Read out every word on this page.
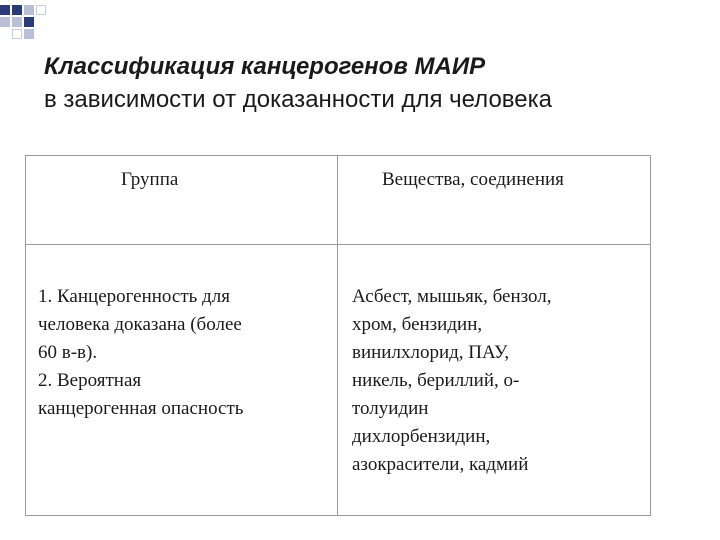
Классификация канцерогенов МАИР
в зависимости от доказанности для человека
Группа	Вещества, соединения
1. Канцерогенность для
человека доказана (более
60 в-в).
2. Вероятная
канцерогенная опасность
Асбест, мышьяк, бензол,
хром, бензидин,
винилхлорид, ПАУ,
никель, бериллий, о-
толуидин
дихлорбензидин,
азокрасители, кадмий
